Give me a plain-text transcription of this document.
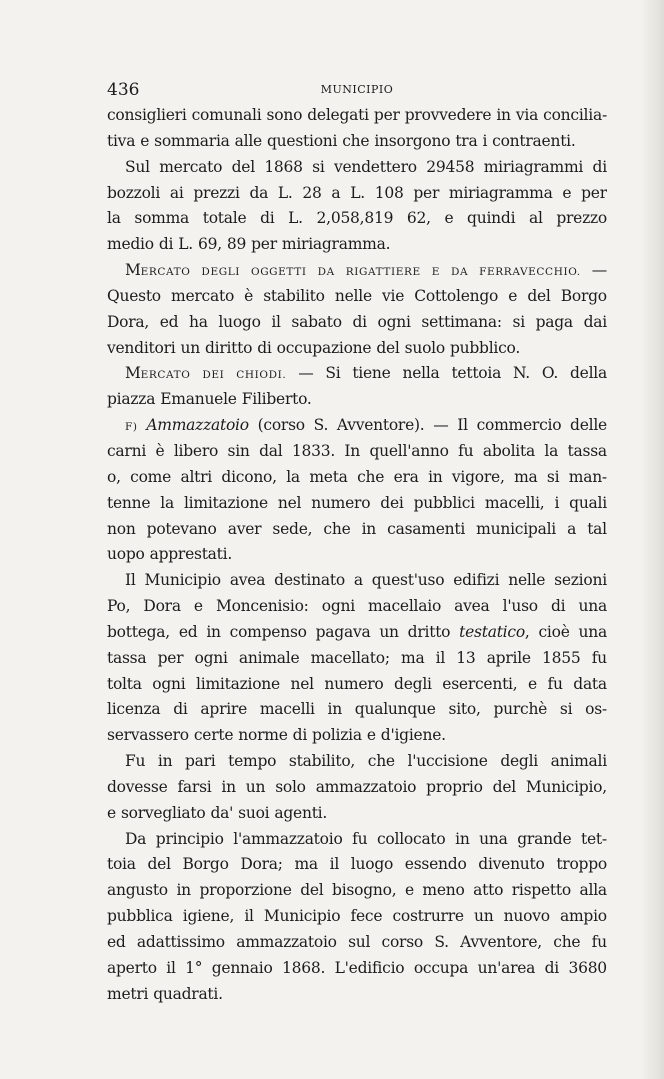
436	MUNICIPIO
consiglieri comunali sono delegati per provvedere in via concilia-
tiva e sommaria alle questioni che insorgono tra i contraenti.
Sul mercato del 1868 si vendettero 29458 miriagrammi di
bozzoli ai prezzi da L. 28 a L. 108 per miriagramma e per
la somma totale di L. 2,058,819 62, e quindi al prezzo
medio di L. 69, 89 per miriagramma.
MERCATO DEGLI OGGETTI DA RIGATTIERE E DA FERRAVECCHIO. —
Questo mercato è stabilito nelle vie Cottolengo e del Borgo
Dora, ed ha luogo il sabato di ogni settimana: si paga dai
venditori un diritto di occupazione del suolo pubblico.
MERCATO DEI CHIODI. — Si tiene nella tettoia N. O. della
piazza Emanuele Filiberto.
F) Ammazzatoio (corso S. Avventore). — Il commercio delle
carni è libero sin dal 1833. In quell'anno fu abolita la tassa
o, come altri dicono, la meta che era in vigore, ma si man-
tenne la limitazione nel numero dei pubblici macelli, i quali
non potevano aver sede, che in casamenti municipali a tal
uopo apprestati.
Il Municipio avea destinato a quest'uso edifizi nelle sezioni
Po, Dora e Moncenisio: ogni macellaio avea l'uso di una
bottega, ed in compenso pagava un dritto testatico, cioè una
tassa per ogni animale macellato; ma il 13 aprile 1855 fu
tolta ogni limitazione nel numero degli esercenti, e fu data
licenza di aprire macelli in qualunque sito, purchè si os-
servassero certe norme di polizia e d'igiene.
Fu in pari tempo stabilito, che l'uccisione degli animali
dovesse farsi in un solo ammazzatoio proprio del Municipio,
e sorvegliato da' suoi agenti.
Da principio l'ammazzatoio fu collocato in una grande tet-
toia del Borgo Dora; ma il luogo essendo divenuto troppo
angusto in proporzione del bisogno, e meno atto rispetto alla
pubblica igiene, il Municipio fece costrurre un nuovo ampio
ed adattissimo ammazzatoio sul corso S. Avventore, che fu
aperto il 1° gennaio 1868. L'edificio occupa un'area di 3680
metri quadrati.
